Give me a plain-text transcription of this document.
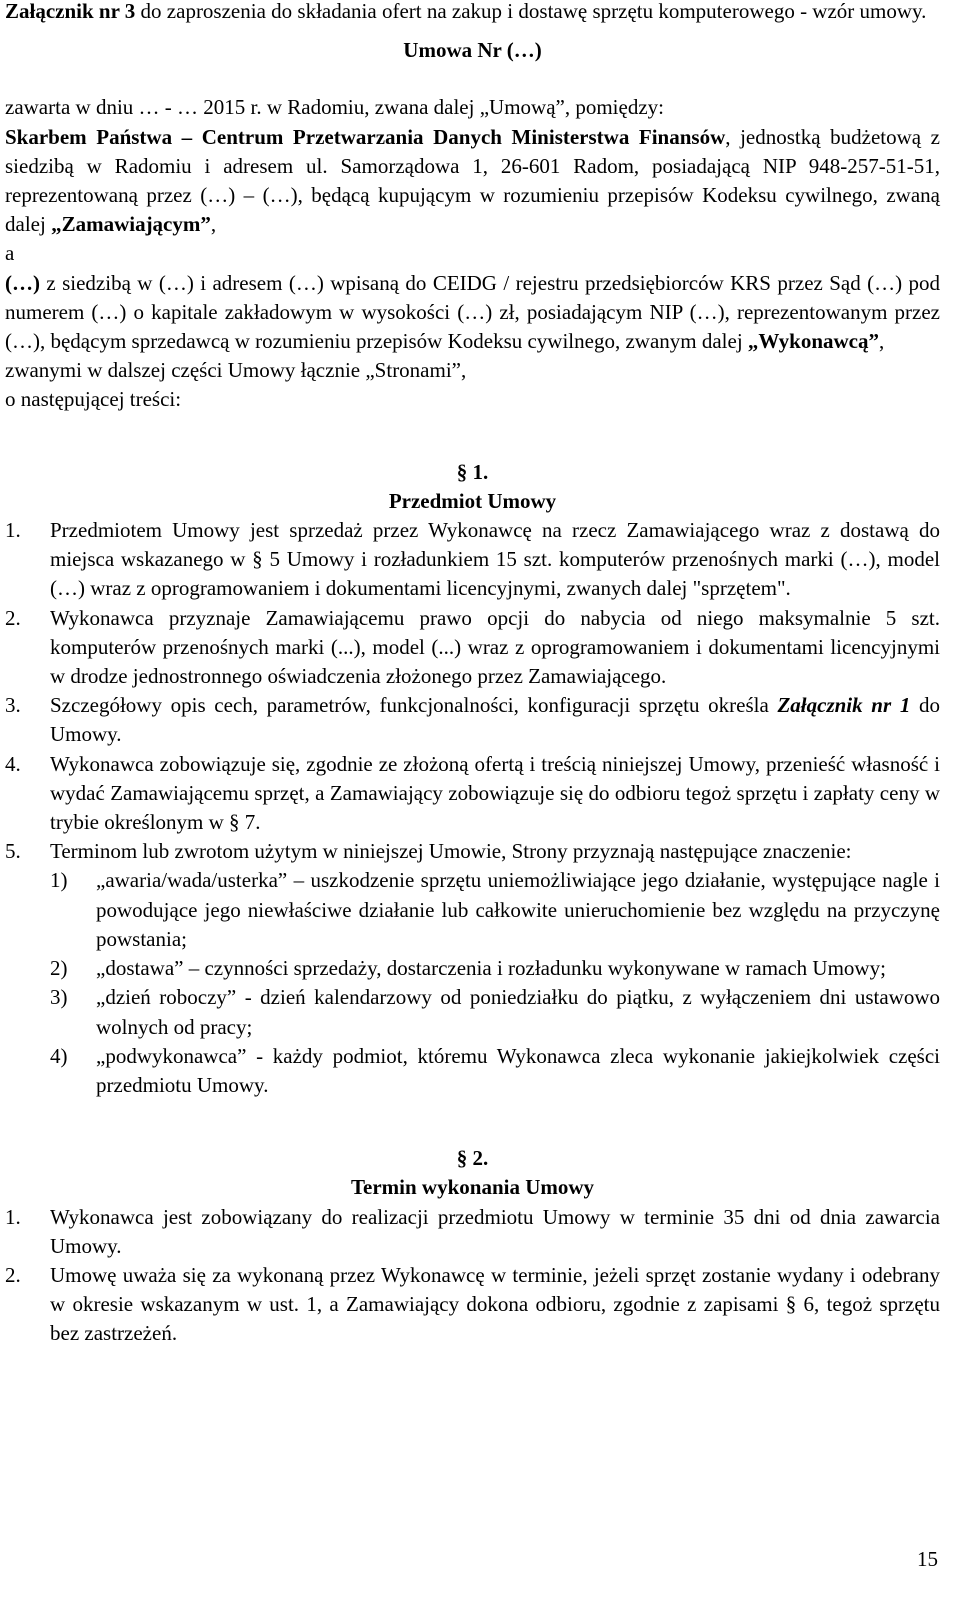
Załącznik nr 3 do zaproszenia do składania ofert na zakup i dostawę sprzętu komputerowego - wzór umowy.

Umowa Nr (…)

zawarta w dniu … - … 2015 r. w Radomiu, zwana dalej „Umową”, pomiędzy:

Skarbem Państwa – Centrum Przetwarzania Danych Ministerstwa Finansów, jednostką budżetową z siedzibą w Radomiu i adresem ul. Samorządowa 1, 26-601 Radom, posiadającą NIP 948-257-51-51, reprezentowaną przez (…) – (…), będącą kupującym w rozumieniu przepisów Kodeksu cywilnego, zwaną dalej „Zamawiającym”,

a

(…) z siedzibą w (…) i adresem (…) wpisaną do CEIDG / rejestru przedsiębiorców KRS przez Sąd (…) pod numerem (…) o kapitale zakładowym w wysokości (…) zł, posiadającym NIP (…), reprezentowanym przez (…), będącym sprzedawcą w rozumieniu przepisów Kodeksu cywilnego, zwanym dalej „Wykonawcą”,

zwanymi w dalszej części Umowy łącznie „Stronami”,

o następującej treści:

§ 1.

Przedmiot Umowy

1. Przedmiotem Umowy jest sprzedaż przez Wykonawcę na rzecz Zamawiającego wraz z dostawą do miejsca wskazanego w § 5 Umowy i rozładunkiem 15 szt. komputerów przenośnych marki (…), model (…) wraz z oprogramowaniem i dokumentami licencyjnymi, zwanych dalej "sprzętem".
2. Wykonawca przyznaje Zamawiającemu prawo opcji do nabycia od niego maksymalnie 5 szt. komputerów przenośnych marki (...), model (...) wraz z oprogramowaniem i dokumentami licencyjnymi w drodze jednostronnego oświadczenia złożonego przez Zamawiającego.
3. Szczegółowy opis cech, parametrów, funkcjonalności, konfiguracji sprzętu określa Załącznik nr 1 do Umowy.
4. Wykonawca zobowiązuje się, zgodnie ze złożoną ofertą i treścią niniejszej Umowy, przenieść własność i wydać Zamawiającemu sprzęt, a Zamawiający zobowiązuje się do odbioru tegoż sprzętu i zapłaty ceny w trybie określonym w § 7.
5. Terminom lub zwrotom użytym w niniejszej Umowie, Strony przyznają następujące znaczenie:
1) „awaria/wada/usterka” – uszkodzenie sprzętu uniemożliwiające jego działanie, występujące nagle i powodujące jego niewłaściwe działanie lub całkowite unieruchomienie bez względu na przyczynę powstania;
2) „dostawa” – czynności sprzedaży, dostarczenia i rozładunku wykonywane w ramach Umowy;
3) „dzień roboczy” - dzień kalendarzowy od poniedziałku do piątku, z wyłączeniem dni ustawowo wolnych od pracy;
4) „podwykonawca” - każdy podmiot, któremu Wykonawca zleca wykonanie jakiejkolwiek części przedmiotu Umowy.

§ 2.

Termin wykonania Umowy

1. Wykonawca jest zobowiązany do realizacji przedmiotu Umowy w terminie 35 dni od dnia zawarcia Umowy.
2. Umowę uważa się za wykonaną przez Wykonawcę w terminie, jeżeli sprzęt zostanie wydany i odebrany w okresie wskazanym w ust. 1, a Zamawiający dokona odbioru, zgodnie z zapisami § 6, tegoż sprzętu bez zastrzeżeń.
15
